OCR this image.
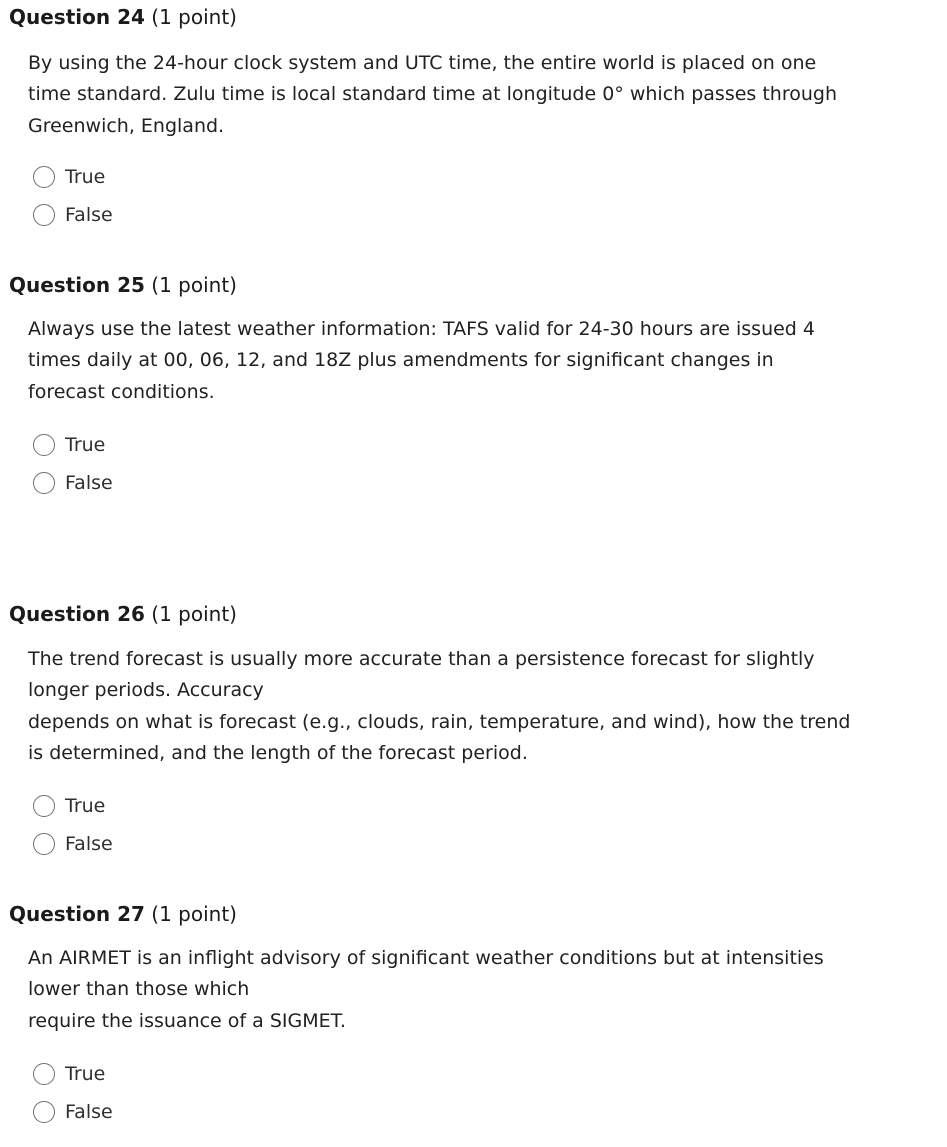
Question 24 (1 point)
By using the 24-hour clock system and UTC time, the entire world is placed on one
time standard. Zulu time is local standard time at longitude 0° which passes through
Greenwich, England.
True
False
Question 25 (1 point)
Always use the latest weather information: TAFS valid for 24-30 hours are issued 4
times daily at 00, 06, 12, and 18Z plus amendments for significant changes in
forecast conditions.
True
False
Question 26 (1 point)
The trend forecast is usually more accurate than a persistence forecast for slightly
longer periods. Accuracy
depends on what is forecast (e.g., clouds, rain, temperature, and wind), how the trend
is determined, and the length of the forecast period.
True
False
Question 27 (1 point)
An AIRMET is an inflight advisory of significant weather conditions but at intensities
lower than those which
require the issuance of a SIGMET.
True
False
